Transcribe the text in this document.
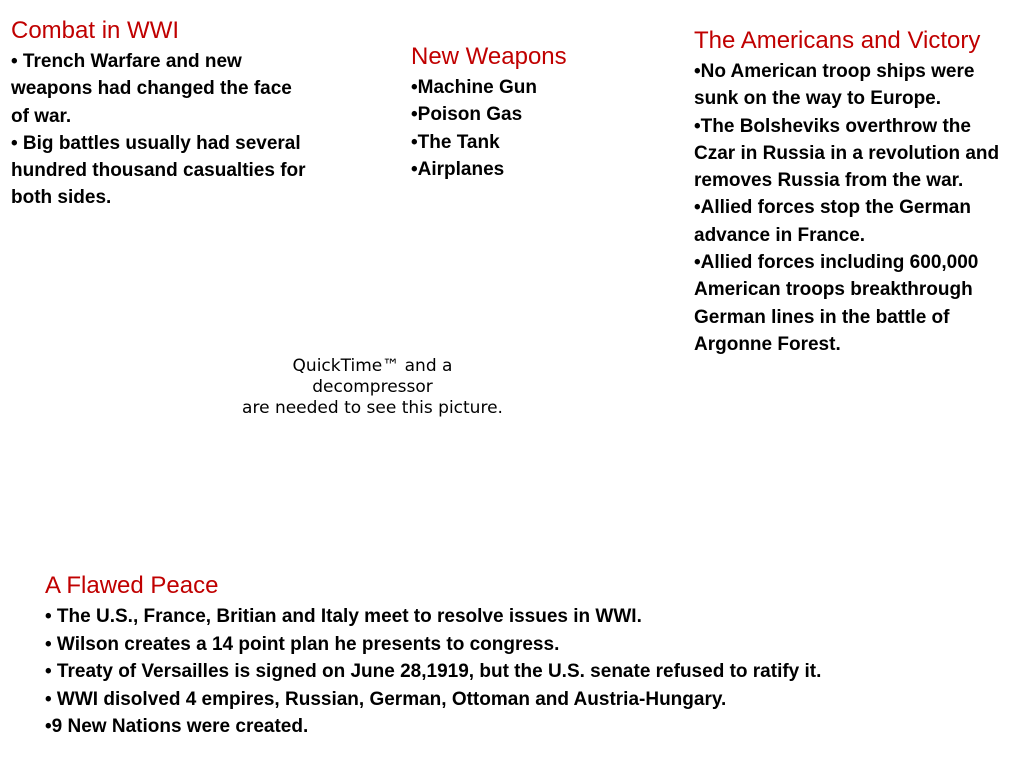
Combat in WWI
• Trench Warfare and new weapons had changed the face of war.
• Big battles usually had several hundred thousand casualties for both sides.
New Weapons
•Machine Gun
•Poison Gas
•The Tank
•Airplanes
The Americans and Victory
•No American troop ships were sunk on the way to Europe.
•The Bolsheviks overthrow the Czar in Russia in a revolution and removes Russia from the war.
•Allied forces stop the German advance in France.
•Allied forces including 600,000 American troops breakthrough German lines in the battle of Argonne Forest.
QuickTime™ and a
decompressor
are needed to see this picture.
A Flawed Peace
• The U.S., France, Britian and Italy meet to resolve issues in WWI.
• Wilson creates a 14 point plan he presents to congress.
• Treaty of Versailles is signed on June 28,1919, but the U.S. senate refused to ratify it.
• WWI disolved 4 empires, Russian, German, Ottoman and Austria-Hungary.
•9 New Nations were created.
